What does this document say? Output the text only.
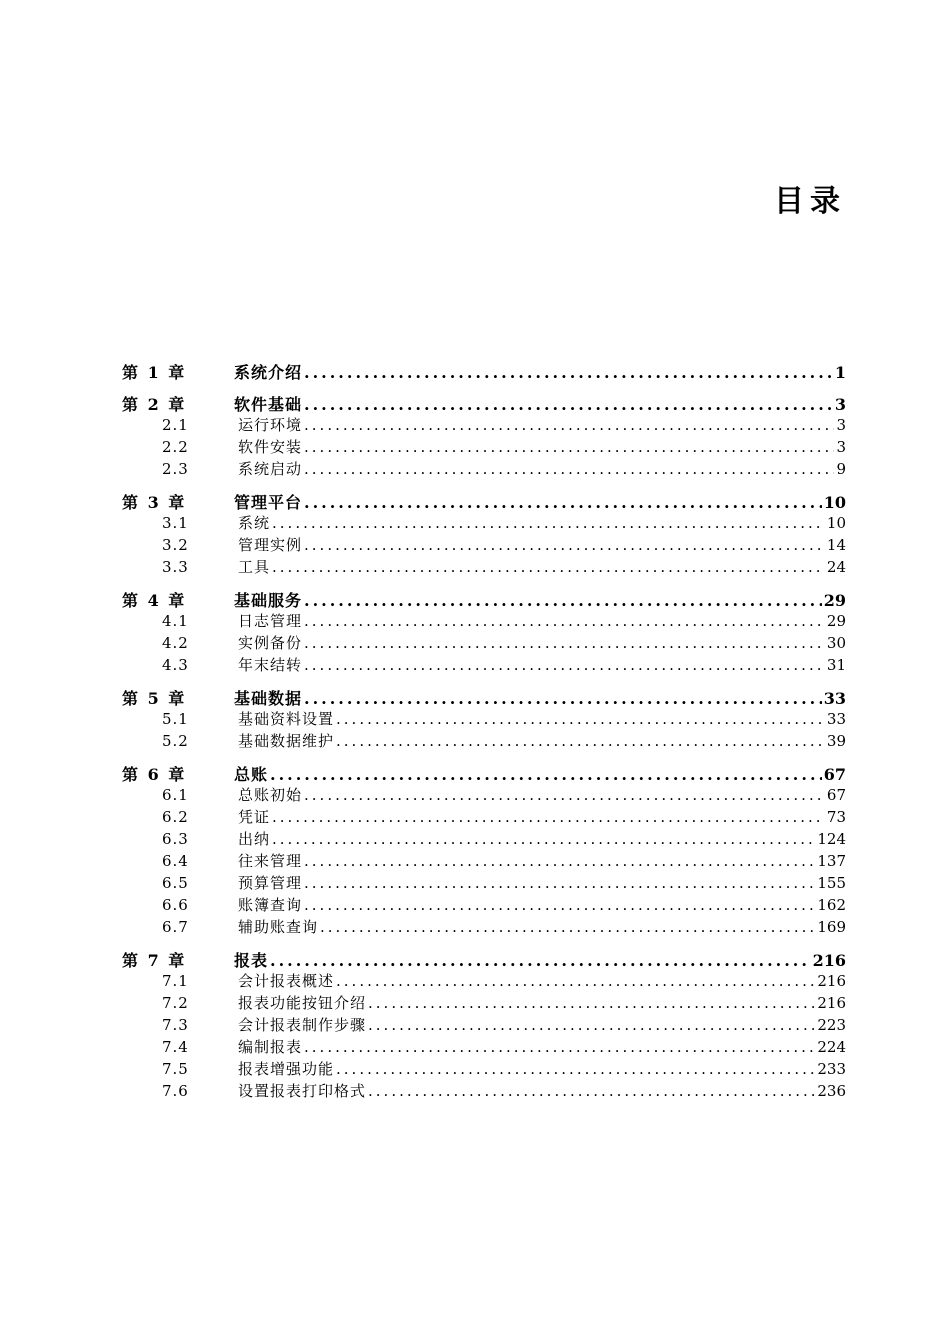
目录
第 1 章	系统介绍 .....	1
第 2 章	软件基础 .....	3
2.1	运行环境 .....	3
2.2	软件安装 .....	3
2.3	系统启动 .....	9
第 3 章	管理平台 .....	10
3.1	系统 .....	10
3.2	管理实例 .....	14
3.3	工具 .....	24
第 4 章	基础服务 .....	29
4.1	日志管理 .....	29
4.2	实例备份 .....	30
4.3	年末结转 .....	31
第 5 章	基础数据 .....	33
5.1	基础资料设置 .....	33
5.2	基础数据维护 .....	39
第 6 章	总账 .....	67
6.1	总账初始 .....	67
6.2	凭证 .....	73
6.3	出纳 .....	124
6.4	往来管理 .....	137
6.5	预算管理 .....	155
6.6	账簿查询 .....	162
6.7	辅助账查询 .....	169
第 7 章	报表 .....	216
7.1	会计报表概述 .....	216
7.2	报表功能按钮介绍 .....	216
7.3	会计报表制作步骤 .....	223
7.4	编制报表 .....	224
7.5	报表增强功能 .....	233
7.6	设置报表打印格式 .....	236
